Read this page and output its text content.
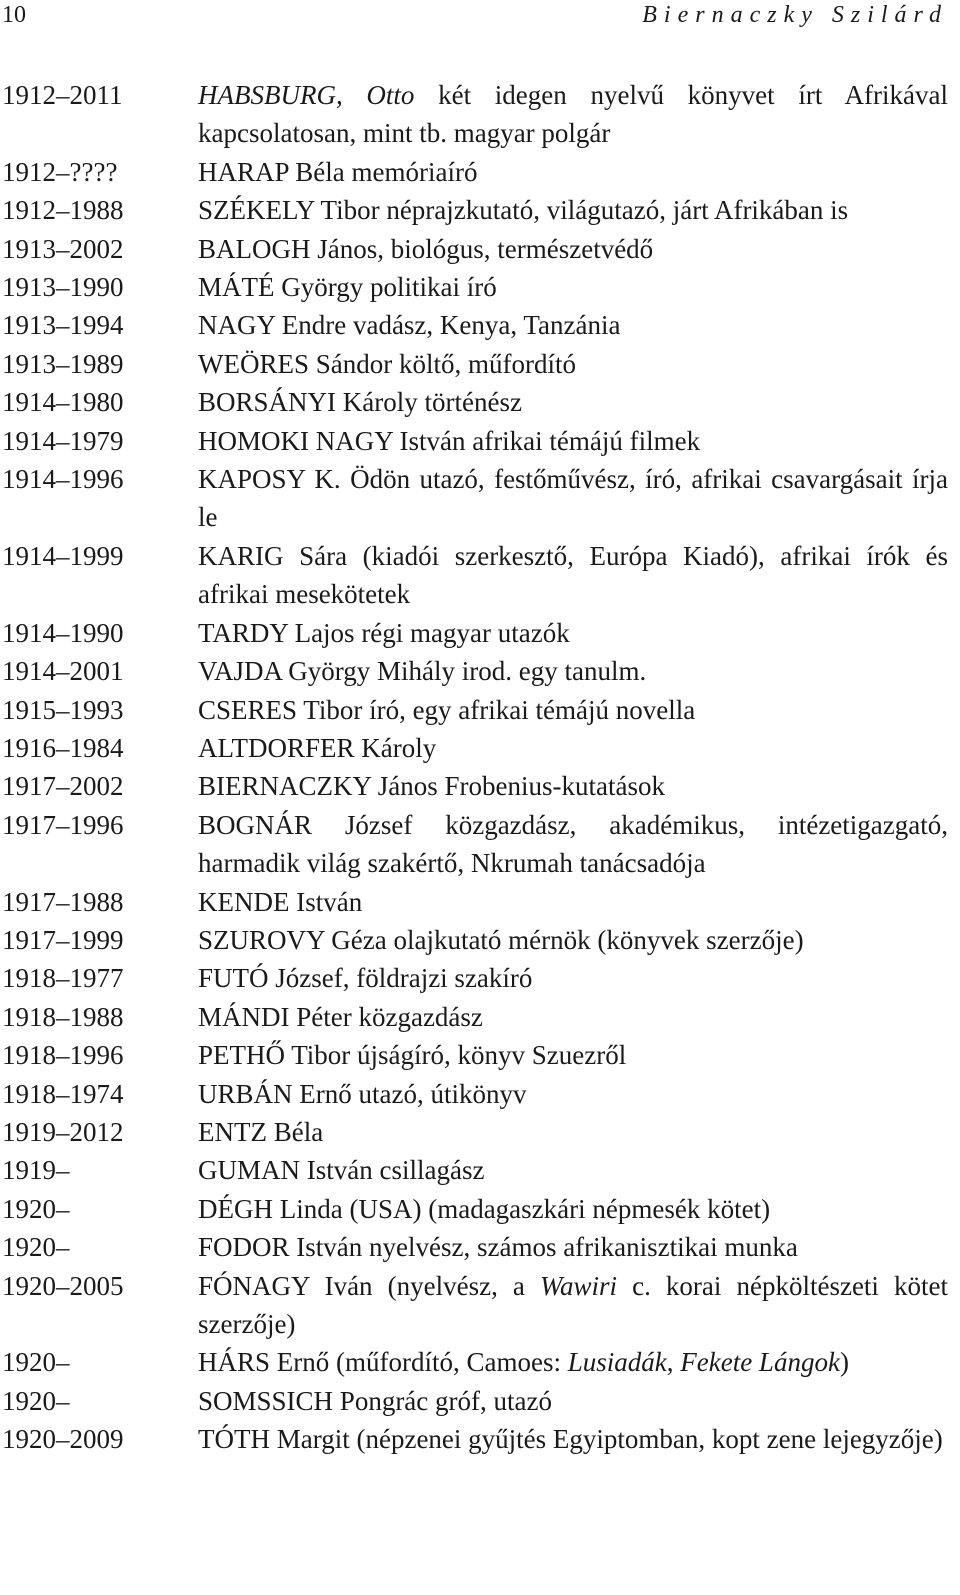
10	Biernaczky Szilárd
1912–2011	HABSBURG, Otto két idegen nyelvű könyvet írt Afrikával kapcsolatosan, mint tb. magyar polgár
1912–????	HARAP Béla memóriaíró
1912–1988	SZÉKELY Tibor néprajzkutató, világutazó, járt Afrikában is
1913–2002	BALOGH János, biológus, természetvédő
1913–1990	MÁTÉ György politikai író
1913–1994	NAGY Endre vadász, Kenya, Tanzánia
1913–1989	WEÖRES Sándor költő, műfordító
1914–1980	BORSÁNYI Károly történész
1914–1979	HOMOKI NAGY István afrikai témájú filmek
1914–1996	KAPOSY K. Ödön utazó, festőművész, író, afrikai csavargásait írja le
1914–1999	KARIG Sára (kiadói szerkesztő, Európa Kiadó), afrikai írók és afrikai mesekötetek
1914–1990	TARDY Lajos régi magyar utazók
1914–2001	VAJDA György Mihály irod. egy tanulm.
1915–1993	CSERES Tibor író, egy afrikai témájú novella
1916–1984	ALTDORFER Károly
1917–2002	BIERNACZKY János Frobenius-kutatások
1917–1996	BOGNÁR József közgazdász, akadémikus, intézetigazgató, harmadik világ szakértő, Nkrumah tanácsadója
1917–1988	KENDE István
1917–1999	SZUROVY Géza olajkutató mérnök (könyvek szerzője)
1918–1977	FUTÓ József, földrajzi szakíró
1918–1988	MÁNDI Péter közgazdász
1918–1996	PETHŐ Tibor újságíró, könyv Szuezről
1918–1974	URBÁN Ernő utazó, útikönyv
1919–2012	ENTZ Béla
1919–	GUMAN István csillagász
1920–	DÉGH Linda (USA) (madagaszkári népmesék kötet)
1920–	FODOR István nyelvész, számos afrikanisztikai munka
1920–2005	FÓNAGY Iván (nyelvész, a Wawiri c. korai népköltészeti kötet szerzője)
1920–	HÁRS Ernő (műfordító, Camoes: Lusiadák, Fekete Lángok)
1920–	SOMSSICH Pongrác gróf, utazó
1920–2009	TÓTH Margit (népzenei gyűjtés Egyiptomban, kopt zene lejegyzője)
